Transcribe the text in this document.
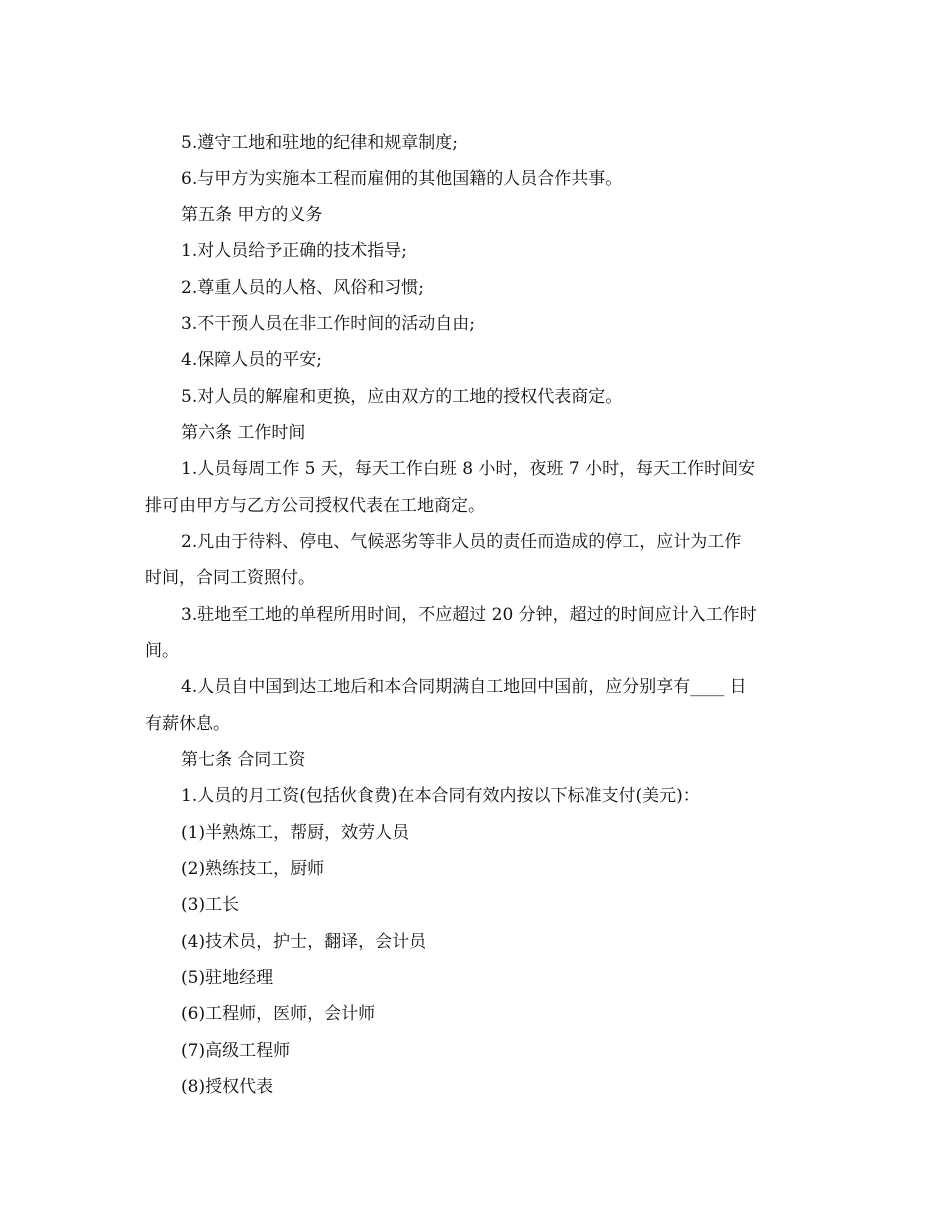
5.遵守工地和驻地的纪律和规章制度;
6.与甲方为实施本工程而雇佣的其他国籍的人员合作共事。
第五条 甲方的义务
1.对人员给予正确的技术指导;
2.尊重人员的人格、风俗和习惯;
3.不干预人员在非工作时间的活动自由;
4.保障人员的平安;
5.对人员的解雇和更换，应由双方的工地的授权代表商定。
第六条 工作时间
1.人员每周工作 5 天，每天工作白班 8 小时，夜班 7 小时，每天工作时间安
排可由甲方与乙方公司授权代表在工地商定。
2.凡由于待料、停电、气候恶劣等非人员的责任而造成的停工，应计为工作
时间，合同工资照付。
3.驻地至工地的单程所用时间，不应超过 20 分钟，超过的时间应计入工作时
间。
4.人员自中国到达工地后和本合同期满自工地回中国前，应分别享有____ 日
有薪休息。
第七条 合同工资
1.人员的月工资(包括伙食费)在本合同有效内按以下标准支付(美元)：
(1)半熟炼工，帮厨，效劳人员
(2)熟练技工，厨师
(3)工长
(4)技术员，护士，翻译，会计员
(5)驻地经理
(6)工程师，医师，会计师
(7)高级工程师
(8)授权代表
